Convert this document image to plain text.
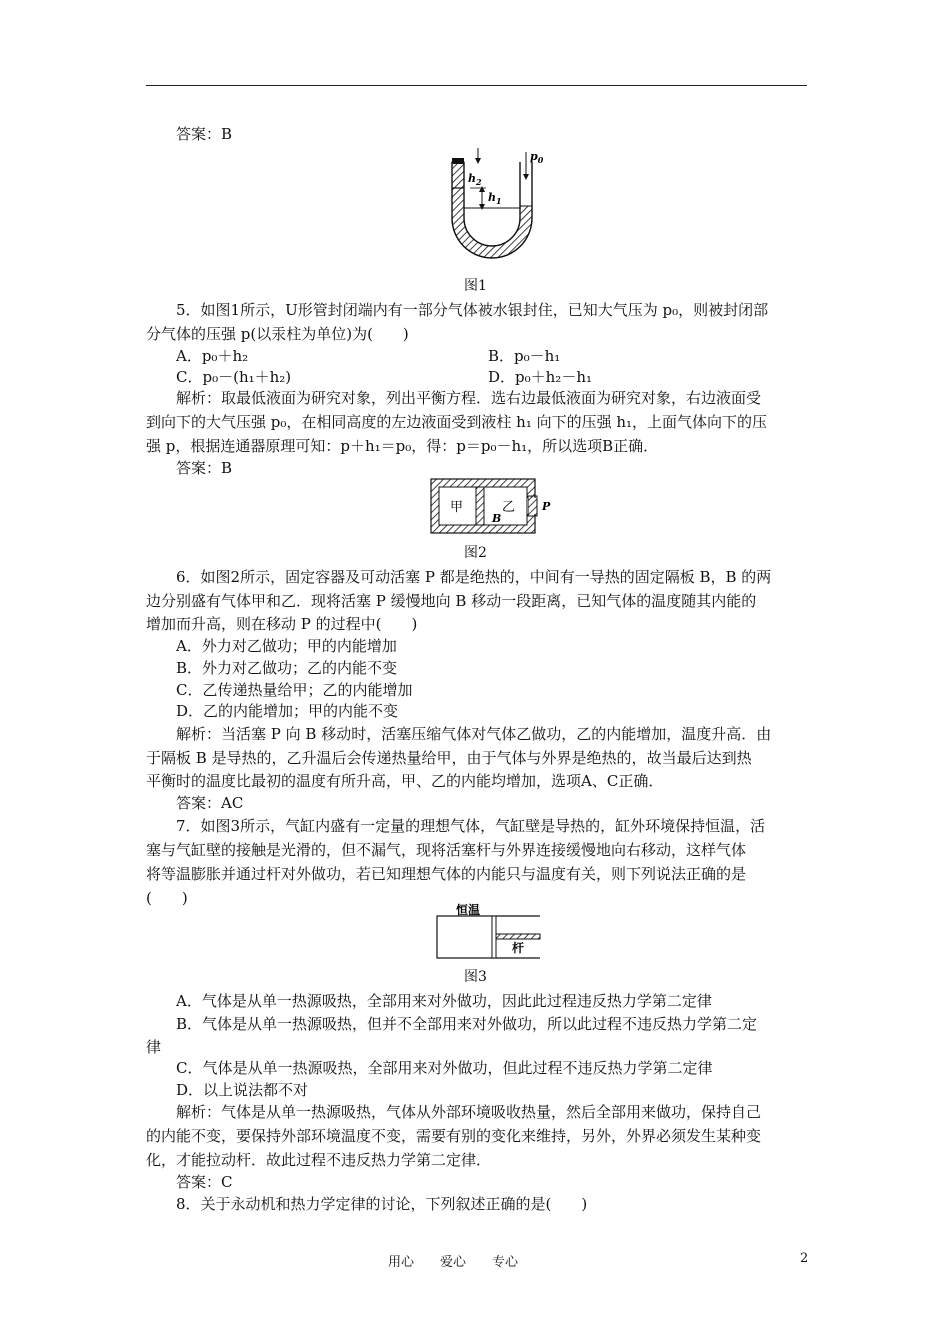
答案：B
$p_0$
$h_2$
$h_1$
图1
5．如图1所示，U形管封闭端内有一部分气体被水银封住，已知大气压为 p₀，则被封闭部
分气体的压强 p(以汞柱为单位)为(　　)
A．p₀＋h₂	B．p₀－h₁
C．p₀－(h₁＋h₂)	D．p₀＋h₂－h₁
解析：取最低液面为研究对象，列出平衡方程．选右边最低液面为研究对象，右边液面受
到向下的大气压强 p₀，在相同高度的左边液面受到液柱 h₁ 向下的压强 h₁，上面气体向下的压
强 p，根据连通器原理可知：p＋h₁＝p₀，得：p＝p₀－h₁，所以选项B正确．
答案：B
甲	乙
B
P
图2
6．如图2所示，固定容器及可动活塞 P 都是绝热的，中间有一导热的固定隔板 B，B 的两
边分别盛有气体甲和乙．现将活塞 P 缓慢地向 B 移动一段距离，已知气体的温度随其内能的
增加而升高，则在移动 P 的过程中(　　)
A．外力对乙做功；甲的内能增加
B．外力对乙做功；乙的内能不变
C．乙传递热量给甲；乙的内能增加
D．乙的内能增加；甲的内能不变
解析：当活塞 P 向 B 移动时，活塞压缩气体对气体乙做功，乙的内能增加，温度升高．由
于隔板 B 是导热的，乙升温后会传递热量给甲，由于气体与外界是绝热的，故当最后达到热
平衡时的温度比最初的温度有所升高，甲、乙的内能均增加，选项A、C正确．
答案：AC
7．如图3所示，气缸内盛有一定量的理想气体，气缸壁是导热的，缸外环境保持恒温，活
塞与气缸壁的接触是光滑的，但不漏气，现将活塞杆与外界连接缓慢地向右移动，这样气体
将等温膨胀并通过杆对外做功，若已知理想气体的内能只与温度有关，则下列说法正确的是
(　　)
恒温
杆
图3
A．气体是从单一热源吸热，全部用来对外做功，因此此过程违反热力学第二定律
B．气体是从单一热源吸热，但并不全部用来对外做功，所以此过程不违反热力学第二定
律
C．气体是从单一热源吸热，全部用来对外做功，但此过程不违反热力学第二定律
D．以上说法都不对
解析：气体是从单一热源吸热，气体从外部环境吸收热量，然后全部用来做功，保持自己
的内能不变，要保持外部环境温度不变，需要有别的变化来维持，另外，外界必须发生某种变
化，才能拉动杆．故此过程不违反热力学第二定律．
答案：C
8．关于永动机和热力学定律的讨论，下列叙述正确的是(　　)
用心　　爱心　　专心	2
